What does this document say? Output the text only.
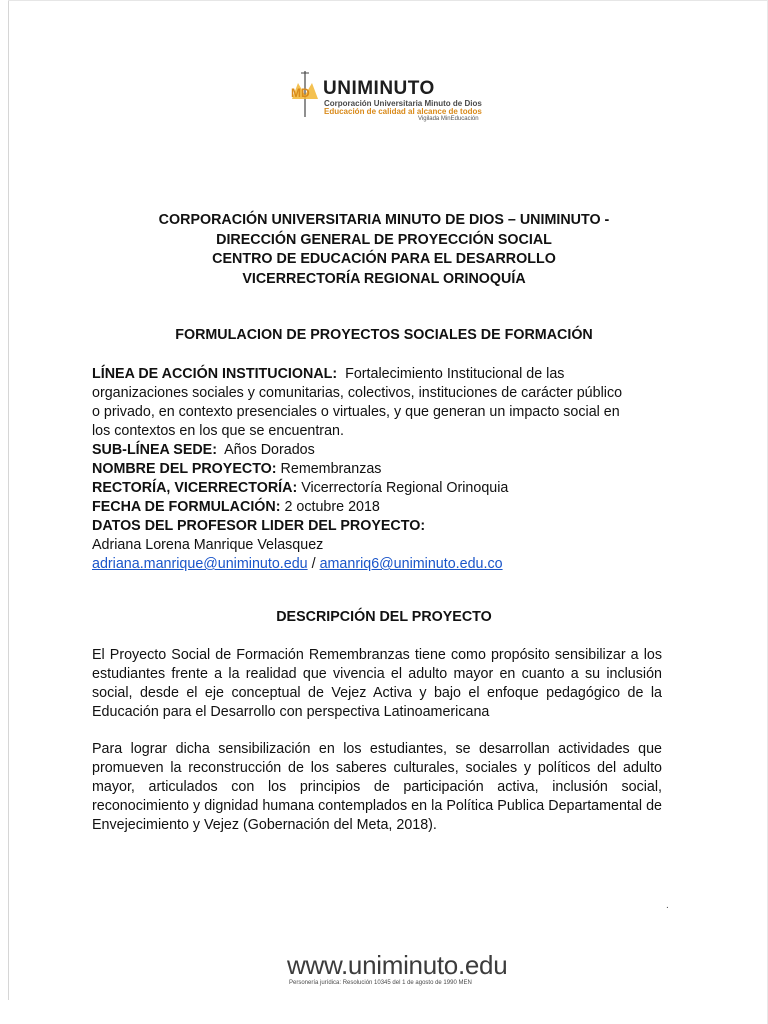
MD UNIMINUTO
Corporación Universitaria Minuto de Dios
Educación de calidad al alcance de todos
Vigilada MinEducación
CORPORACIÓN UNIVERSITARIA MINUTO DE DIOS – UNIMINUTO -
DIRECCIÓN GENERAL DE PROYECCIÓN SOCIAL
CENTRO DE EDUCACIÓN PARA EL DESARROLLO
VICERRECTORÍA REGIONAL ORINOQUÍA
FORMULACION DE PROYECTOS SOCIALES DE FORMACIÓN
LÍNEA DE ACCIÓN INSTITUCIONAL: Fortalecimiento Institucional de las
organizaciones sociales y comunitarias, colectivos, instituciones de carácter público
o privado, en contexto presenciales o virtuales, y que generan un impacto social en
los contextos en los que se encuentran.
SUB-LÍNEA SEDE: Años Dorados
NOMBRE DEL PROYECTO: Remembranzas
RECTORÍA, VICERRECTORÍA: Vicerrectoría Regional Orinoquia
FECHA DE FORMULACIÓN: 2 octubre 2018
DATOS DEL PROFESOR LIDER DEL PROYECTO:
Adriana Lorena Manrique Velasquez
adriana.manrique@uniminuto.edu / amanriq6@uniminuto.edu.co
DESCRIPCIÓN DEL PROYECTO
El Proyecto Social de Formación Remembranzas tiene como propósito sensibilizar a los estudiantes frente a la realidad que vivencia el adulto mayor en cuanto a su inclusión social, desde el eje conceptual de Vejez Activa y bajo el enfoque pedagógico de la Educación para el Desarrollo con perspectiva Latinoamericana
Para lograr dicha sensibilización en los estudiantes, se desarrollan actividades que promueven la reconstrucción de los saberes culturales, sociales y políticos del adulto mayor, articulados con los principios de participación activa, inclusión social, reconocimiento y dignidad humana contemplados en la Política Publica Departamental de Envejecimiento y Vejez (Gobernación del Meta, 2018).
.
www.uniminuto.edu
Personería jurídica: Resolución 10345 del 1 de agosto de 1990 MEN
